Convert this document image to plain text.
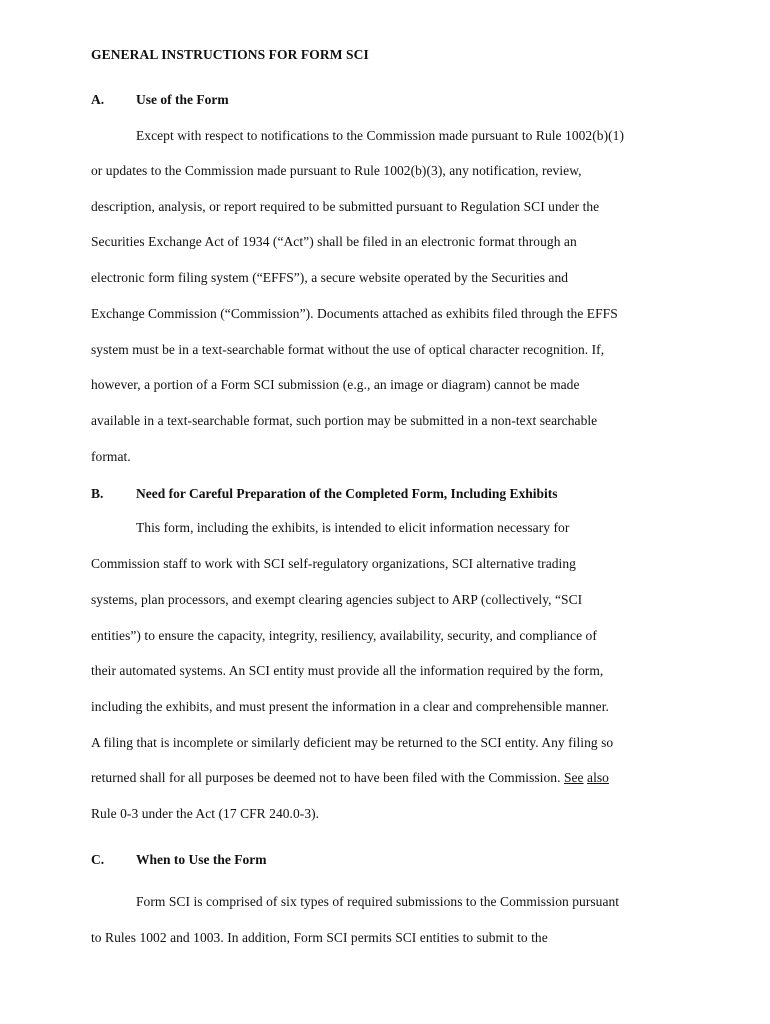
GENERAL INSTRUCTIONS FOR FORM SCI
A. Use of the Form
Except with respect to notifications to the Commission made pursuant to Rule 1002(b)(1)
or updates to the Commission made pursuant to Rule 1002(b)(3), any notification, review,
description, analysis, or report required to be submitted pursuant to Regulation SCI under the
Securities Exchange Act of 1934 (“Act”) shall be filed in an electronic format through an
electronic form filing system (“EFFS”), a secure website operated by the Securities and
Exchange Commission (“Commission”). Documents attached as exhibits filed through the EFFS
system must be in a text-searchable format without the use of optical character recognition. If,
however, a portion of a Form SCI submission (e.g., an image or diagram) cannot be made
available in a text-searchable format, such portion may be submitted in a non-text searchable
format.
B. Need for Careful Preparation of the Completed Form, Including Exhibits
This form, including the exhibits, is intended to elicit information necessary for
Commission staff to work with SCI self-regulatory organizations, SCI alternative trading
systems, plan processors, and exempt clearing agencies subject to ARP (collectively, “SCI
entities”) to ensure the capacity, integrity, resiliency, availability, security, and compliance of
their automated systems. An SCI entity must provide all the information required by the form,
including the exhibits, and must present the information in a clear and comprehensible manner.
A filing that is incomplete or similarly deficient may be returned to the SCI entity. Any filing so
returned shall for all purposes be deemed not to have been filed with the Commission. See also
Rule 0-3 under the Act (17 CFR 240.0-3).
C. When to Use the Form
Form SCI is comprised of six types of required submissions to the Commission pursuant
to Rules 1002 and 1003. In addition, Form SCI permits SCI entities to submit to the
